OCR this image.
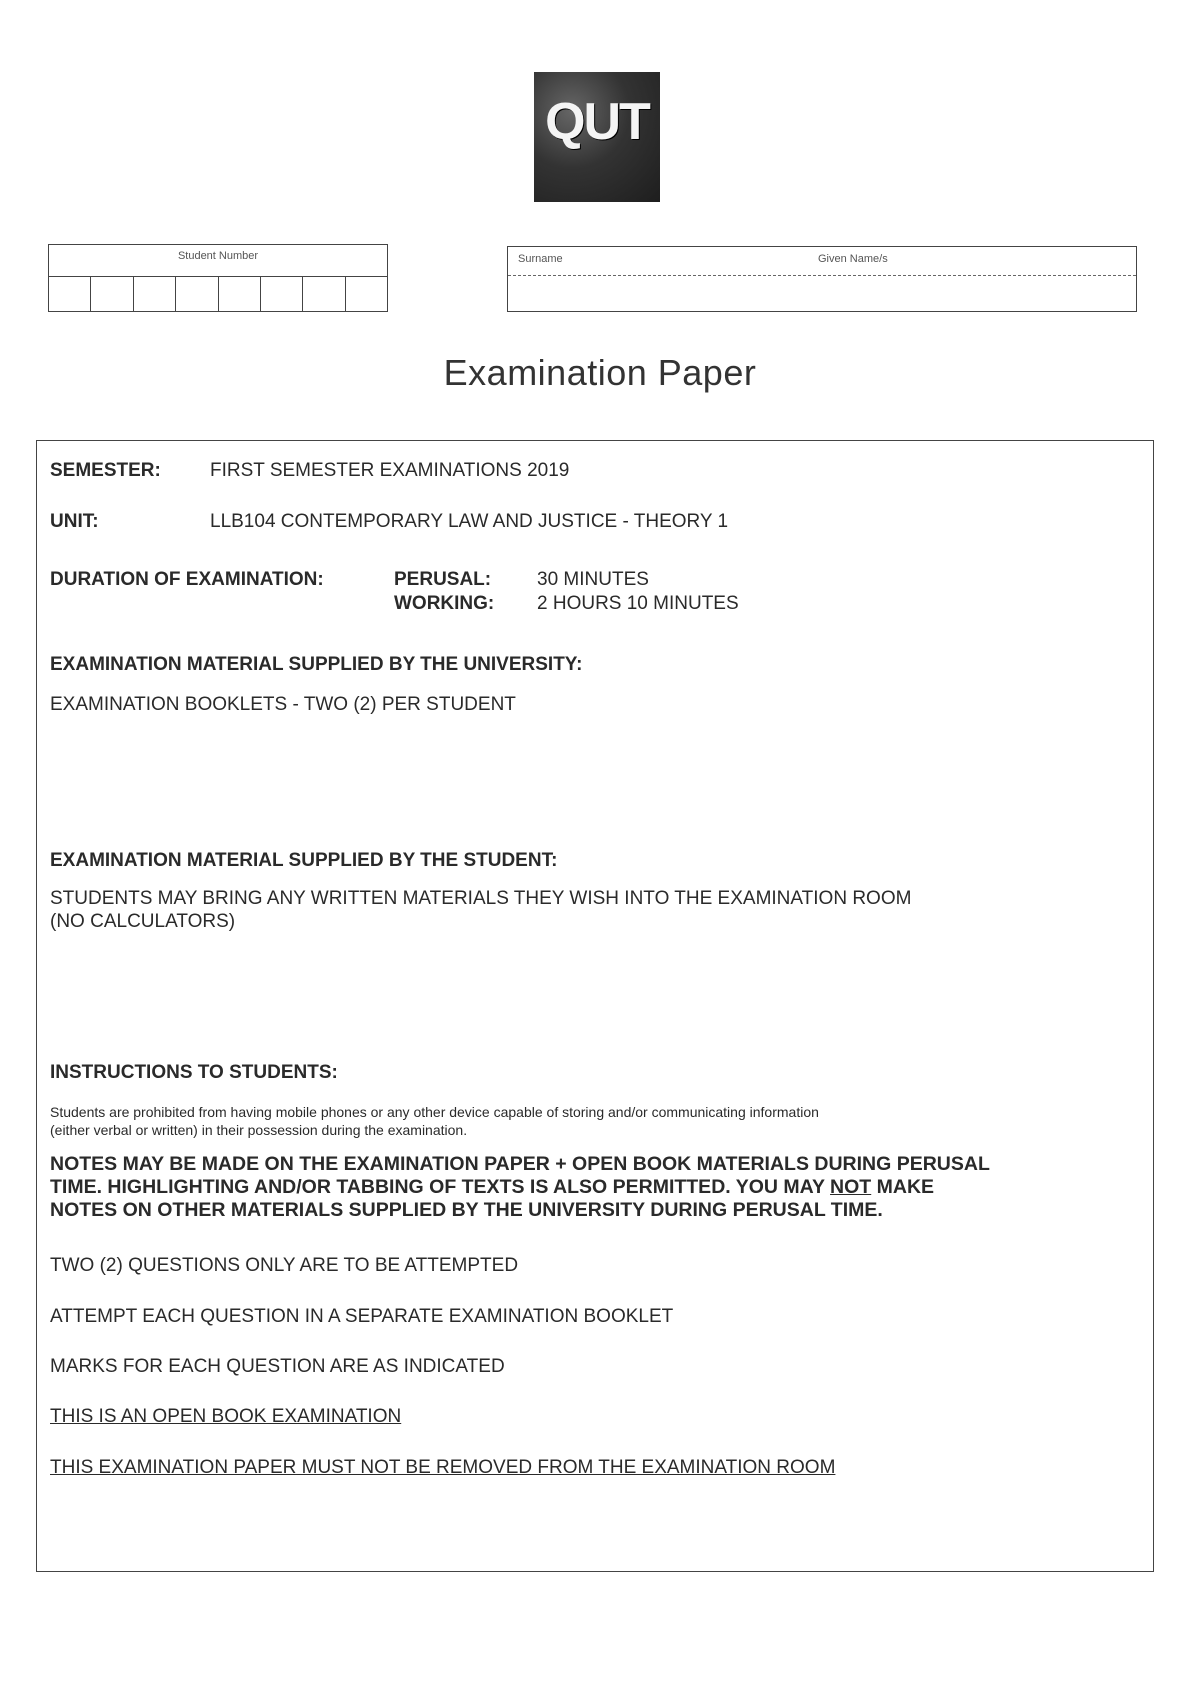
QUT
Student Number	Surname	Given Name/s
Examination Paper
SEMESTER:	FIRST SEMESTER EXAMINATIONS 2019
UNIT:	LLB104 CONTEMPORARY LAW AND JUSTICE - THEORY 1
DURATION OF EXAMINATION:	PERUSAL: 30 MINUTES
WORKING: 2 HOURS 10 MINUTES
EXAMINATION MATERIAL SUPPLIED BY THE UNIVERSITY:
EXAMINATION BOOKLETS - TWO (2) PER STUDENT
EXAMINATION MATERIAL SUPPLIED BY THE STUDENT:
STUDENTS MAY BRING ANY WRITTEN MATERIALS THEY WISH INTO THE EXAMINATION ROOM
(NO CALCULATORS)
INSTRUCTIONS TO STUDENTS:
Students are prohibited from having mobile phones or any other device capable of storing and/or communicating information
(either verbal or written) in their possession during the examination.
NOTES MAY BE MADE ON THE EXAMINATION PAPER + OPEN BOOK MATERIALS DURING PERUSAL
TIME. HIGHLIGHTING AND/OR TABBING OF TEXTS IS ALSO PERMITTED. YOU MAY NOT MAKE
NOTES ON OTHER MATERIALS SUPPLIED BY THE UNIVERSITY DURING PERUSAL TIME.
TWO (2) QUESTIONS ONLY ARE TO BE ATTEMPTED
ATTEMPT EACH QUESTION IN A SEPARATE EXAMINATION BOOKLET
MARKS FOR EACH QUESTION ARE AS INDICATED
THIS IS AN OPEN BOOK EXAMINATION
THIS EXAMINATION PAPER MUST NOT BE REMOVED FROM THE EXAMINATION ROOM
